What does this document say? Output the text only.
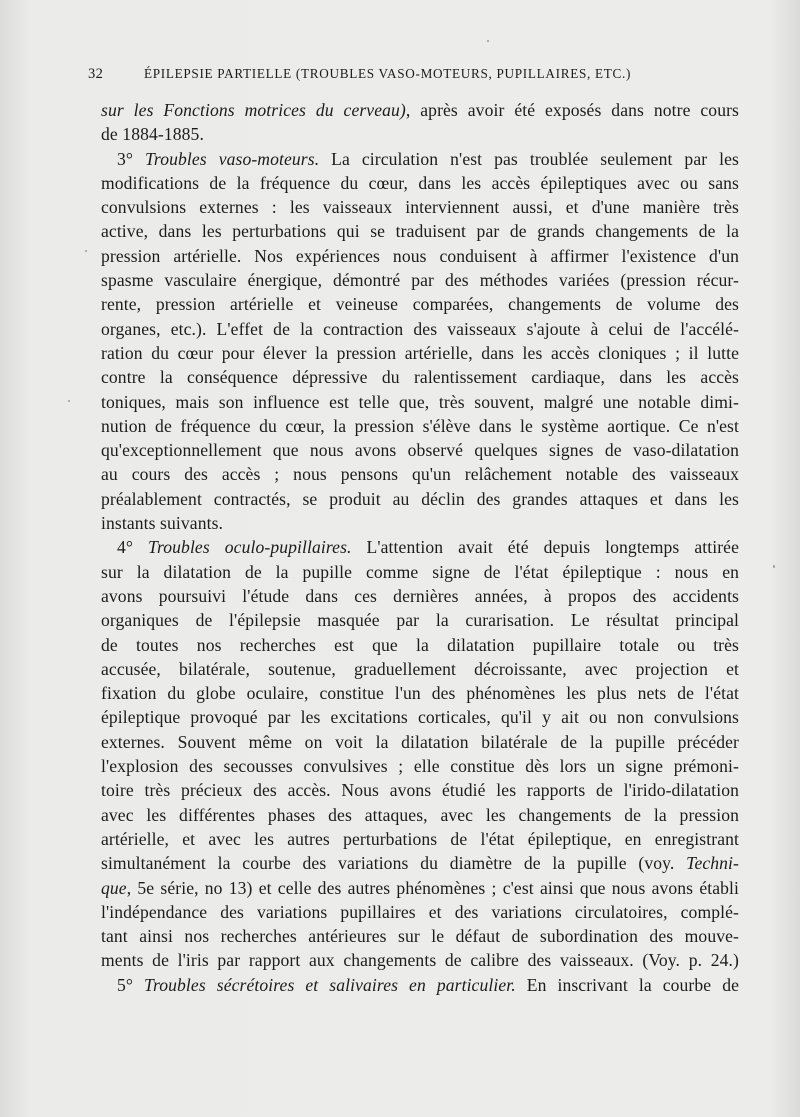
32	ÉPILEPSIE PARTIELLE (TROUBLES VASO-MOTEURS, PUPILLAIRES, ETC.)
sur les Fonctions motrices du cerveau), après avoir été exposés dans notre cours
de 1884-1885.
3° Troubles vaso-moteurs. La circulation n'est pas troublée seulement par les
modifications de la fréquence du cœur, dans les accès épileptiques avec ou sans
convulsions externes : les vaisseaux interviennent aussi, et d'une manière très
active, dans les perturbations qui se traduisent par de grands changements de la
pression artérielle. Nos expériences nous conduisent à affirmer l'existence d'un
spasme vasculaire énergique, démontré par des méthodes variées (pression récur-
rente, pression artérielle et veineuse comparées, changements de volume des
organes, etc.). L'effet de la contraction des vaisseaux s'ajoute à celui de l'accélé-
ration du cœur pour élever la pression artérielle, dans les accès cloniques ; il lutte
contre la conséquence dépressive du ralentissement cardiaque, dans les accès
toniques, mais son influence est telle que, très souvent, malgré une notable dimi-
nution de fréquence du cœur, la pression s'élève dans le système aortique. Ce n'est
qu'exceptionnellement que nous avons observé quelques signes de vaso-dilatation
au cours des accès ; nous pensons qu'un relâchement notable des vaisseaux
préalablement contractés, se produit au déclin des grandes attaques et dans les
instants suivants.
4° Troubles oculo-pupillaires. L'attention avait été depuis longtemps attirée
sur la dilatation de la pupille comme signe de l'état épileptique : nous en
avons poursuivi l'étude dans ces dernières années, à propos des accidents
organiques de l'épilepsie masquée par la curarisation. Le résultat principal
de toutes nos recherches est que la dilatation pupillaire totale ou très
accusée, bilatérale, soutenue, graduellement décroissante, avec projection et
fixation du globe oculaire, constitue l'un des phénomènes les plus nets de l'état
épileptique provoqué par les excitations corticales, qu'il y ait ou non convulsions
externes. Souvent même on voit la dilatation bilatérale de la pupille précéder
l'explosion des secousses convulsives ; elle constitue dès lors un signe prémoni-
toire très précieux des accès. Nous avons étudié les rapports de l'irido-dilatation
avec les différentes phases des attaques, avec les changements de la pression
artérielle, et avec les autres perturbations de l'état épileptique, en enregistrant
simultanément la courbe des variations du diamètre de la pupille (voy. Techni-
que, 5e série, no 13) et celle des autres phénomènes ; c'est ainsi que nous avons établi
l'indépendance des variations pupillaires et des variations circulatoires, complé-
tant ainsi nos recherches antérieures sur le défaut de subordination des mouve-
ments de l'iris par rapport aux changements de calibre des vaisseaux. (Voy. p. 24.)
5° Troubles sécrétoires et salivaires en particulier. En inscrivant la courbe de
